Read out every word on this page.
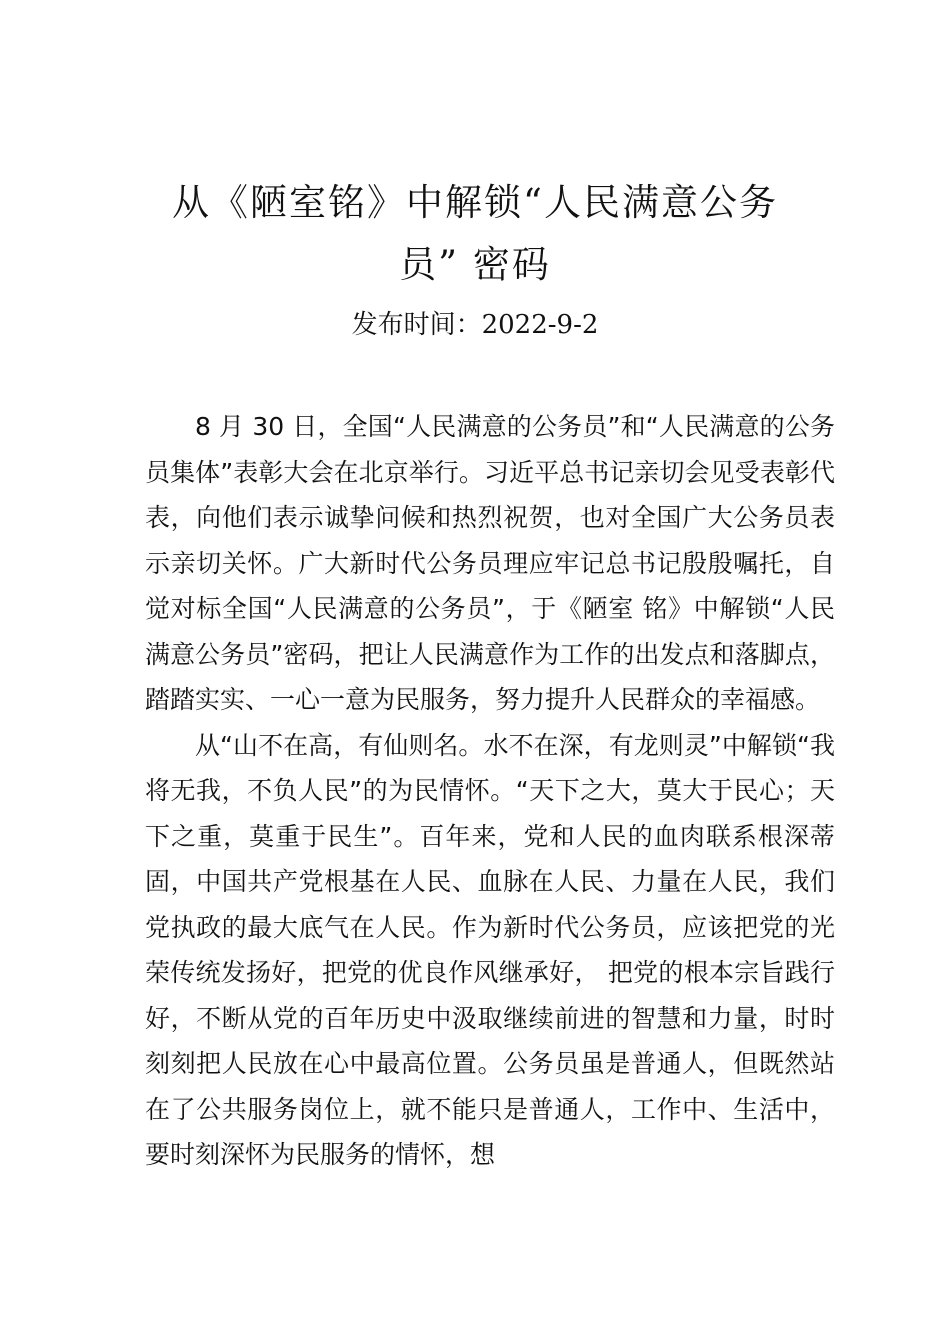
从《陋室铭》中解锁“人民满意公务
员” 密码
发布时间：2022-9-2

8 月 30 日，全国“人民满意的公务员”和“人民满意的公务员集体”表彰大会在北京举行。习近平总书记亲切会见受表彰代表，向他们表示诚挚问候和热烈祝贺，也对全国广大公务员表示亲切关怀。广大新时代公务员理应牢记总书记殷殷嘱托，自觉对标全国“人民满意的公务员”，于《陋室 铭》中解锁“人民满意公务员”密码，把让人民满意作为工作的出发点和落脚点，踏踏实实、一心一意为民服务，努力提升人民群众的幸福感。

从“山不在高，有仙则名。水不在深，有龙则灵”中解锁“我将无我，不负人民”的为民情怀。“天下之大，莫大于民心；天下之重，莫重于民生”。百年来，党和人民的血肉联系根深蒂固，中国共产党根基在人民、血脉在人民、力量在人民，我们党执政的最大底气在人民。作为新时代公务员，应该把党的光荣传统发扬好，把党的优良作风继承好， 把党的根本宗旨践行好，不断从党的百年历史中汲取继续前进的智慧和力量，时时刻刻把人民放在心中最高位置。公务员虽是普通人，但既然站在了公共服务岗位上，就不能只是普通人，工作中、生活中，要时刻深怀为民服务的情怀，想
